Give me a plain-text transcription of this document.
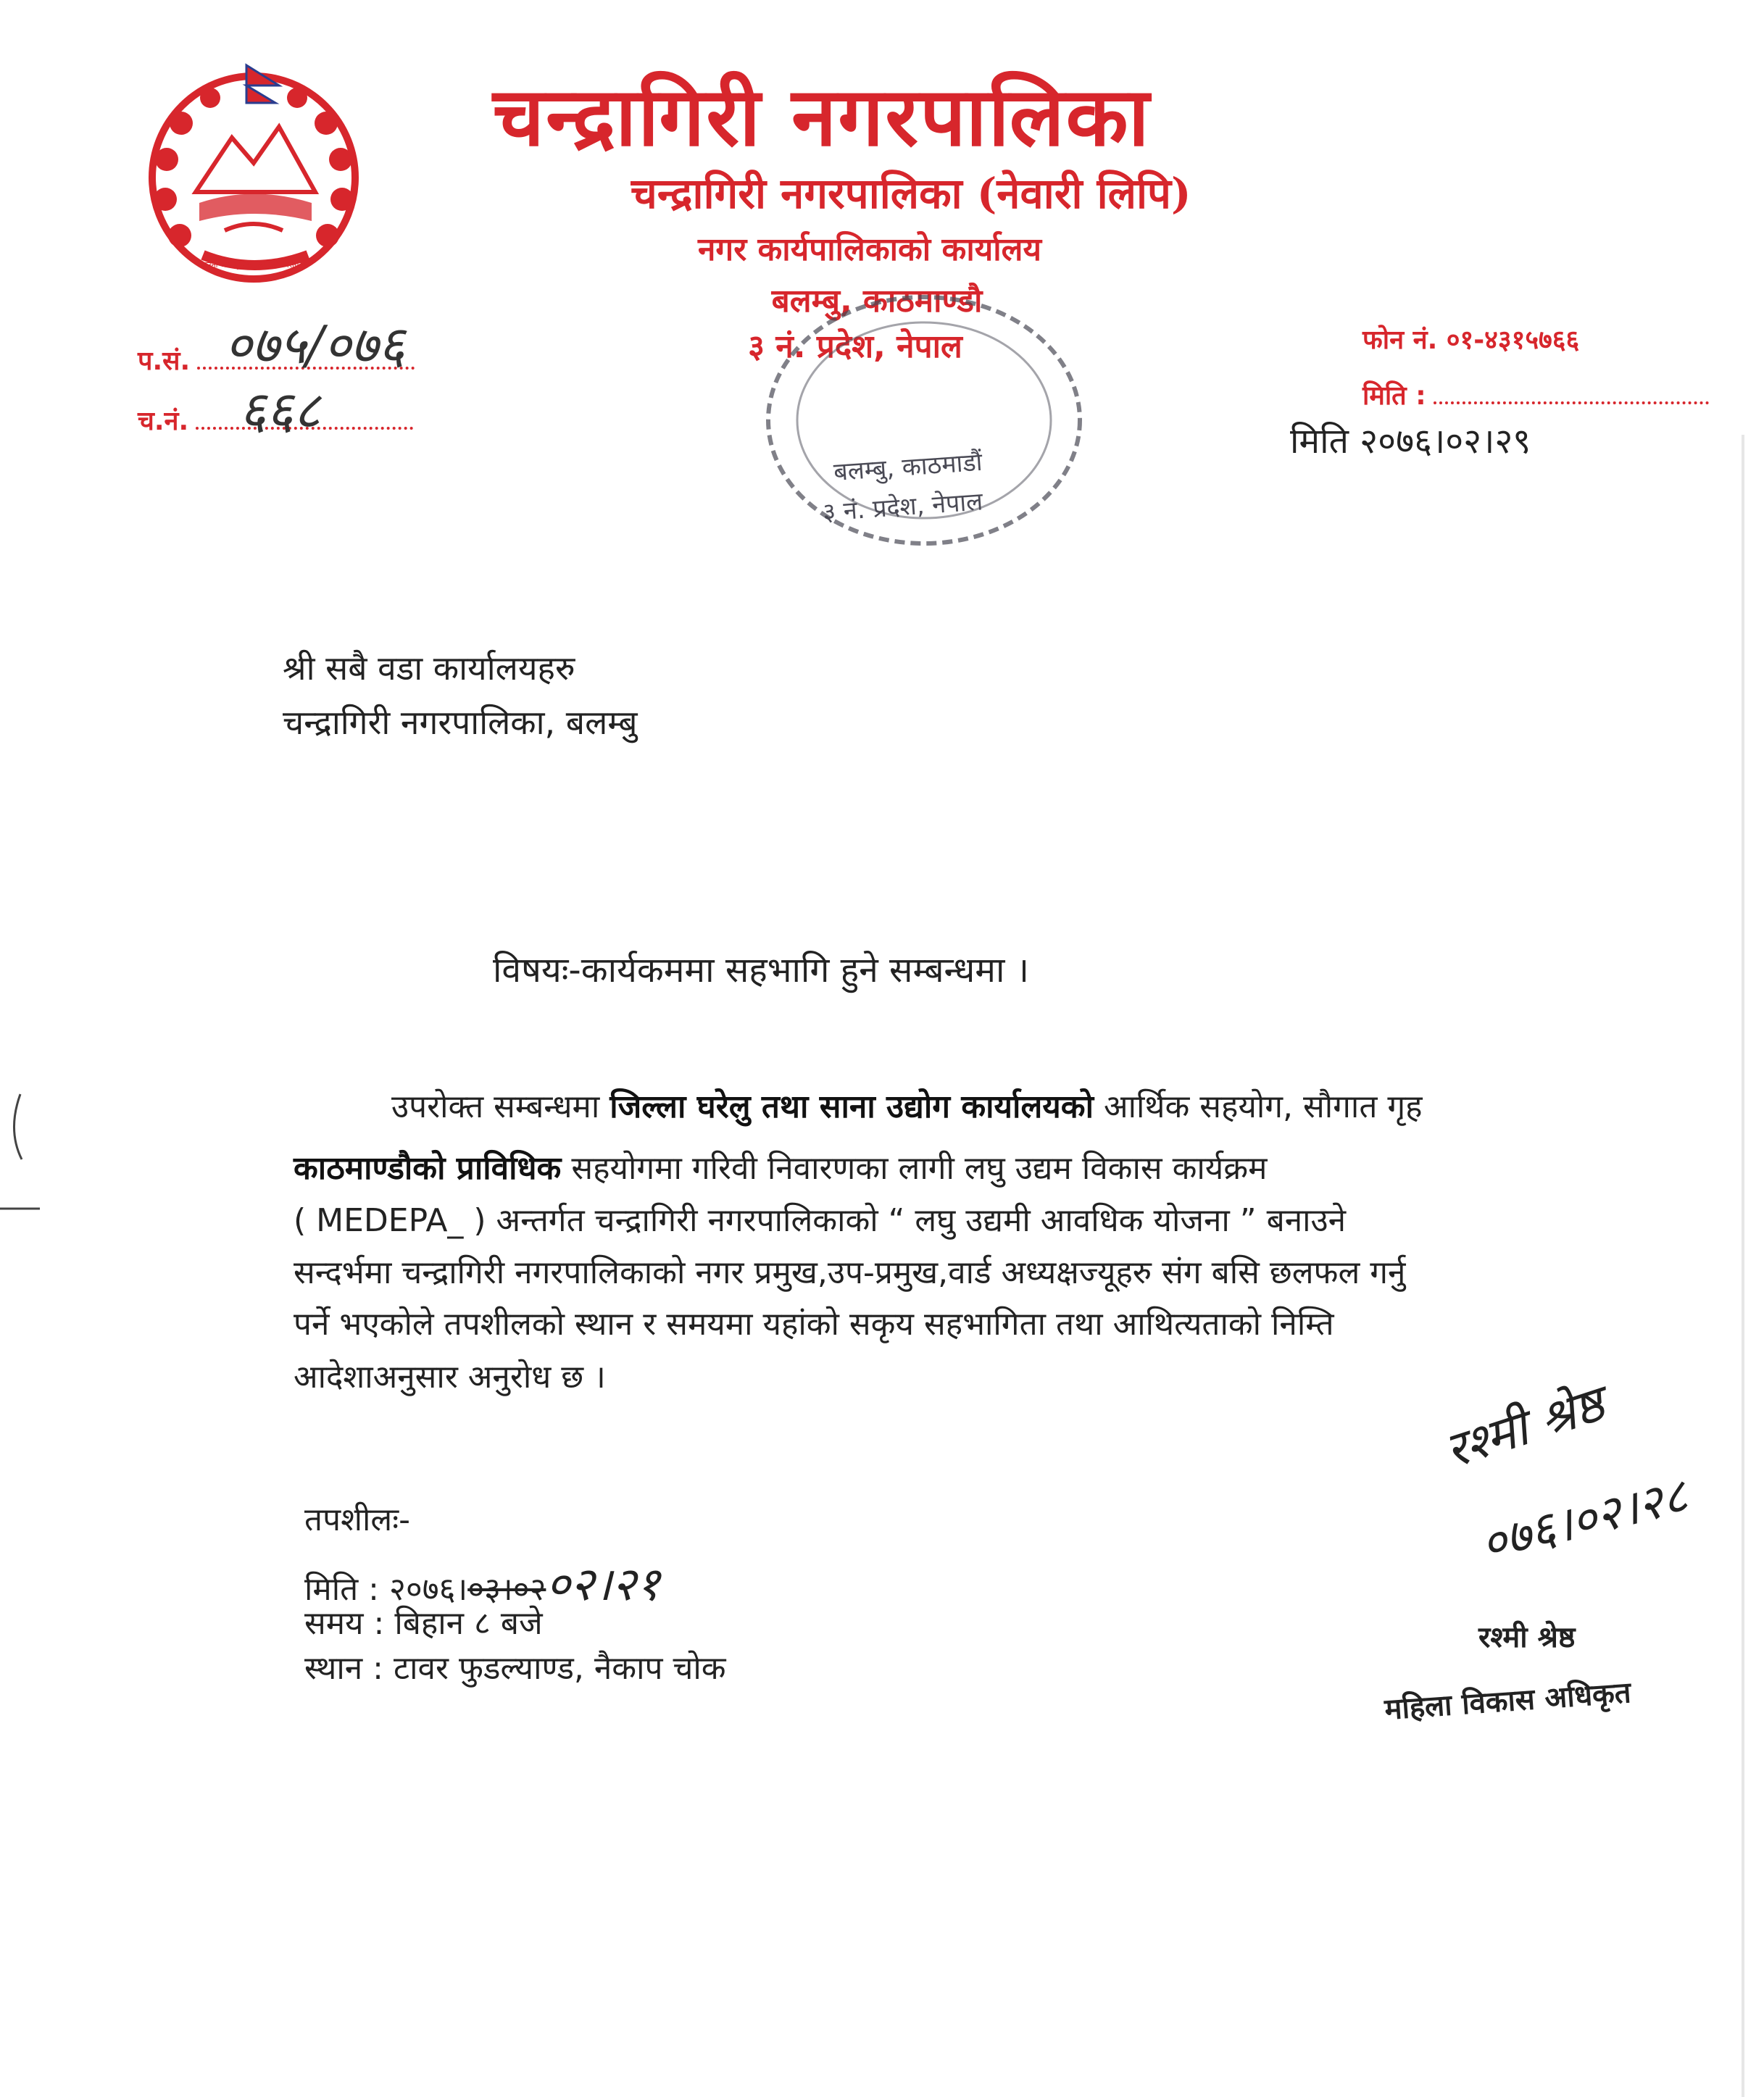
जननी जन्मभूमिश्च स्वर्गादपि गरीयसी
चन्द्रागिरी नगरपालिका
चन्द्रागिरी नगरपालिका (नेवारी लिपि)
नगर कार्यपालिकाको कार्यालय
बलम्बु, काठमाण्डौ
३ नं. प्रदेश, नेपाल
बलम्बु, काठमाडौं
३ नं. प्रदेश, नेपाल
प.सं. ०७५/०७६
च.नं. ६६८
फोन नं. ०१-४३१५७६६
मिति :
मिति २०७६।०२।२९
श्री सबै वडा कार्यालयहरु
चन्द्रागिरी नगरपालिका, बलम्बु
विषयः-कार्यकममा सहभागि हुने सम्बन्धमा ।
उपरोक्त सम्बन्धमा जिल्ला घरेलु तथा साना उद्योग कार्यालयको आर्थिक सहयोग, सौगात गृह
काठमाण्डौको प्राविधिक सहयोगमा गरिवी निवारणका लागी लघु उद्यम विकास कार्यक्रम
( MEDEPA_ ) अन्तर्गत चन्द्रागिरी नगरपालिकाको “ लघु उद्यमी आवधिक योजना ” बनाउने
सन्दर्भमा चन्द्रागिरी नगरपालिकाको नगर प्रमुख,उप-प्रमुख,वार्ड अध्यक्षज्यूहरु संग बसि छलफल गर्नु
पर्ने भएकोले तपशीलको स्थान र समयमा यहांको सकृय सहभागिता तथा आथित्यताको निम्ति
आदेशाअनुसार अनुरोध छ ।
तपशीलः-
मिति : २०७६।०३।०२०२।२१
समय : बिहान ८ बजे
स्थान : टावर फुडल्याण्ड, नैकाप चोक
रश्मी श्रेष्ठ
०७६।०२।२८
रश्मी श्रेष्ठ
महिला विकास अधिकृत
